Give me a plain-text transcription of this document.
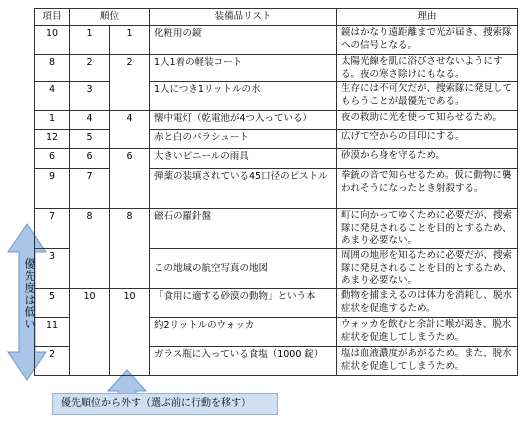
優先度は低い
項目	順位		装備品リスト	理由
10	1	1	化粧用の鏡	鏡はかなり遠距離まで光が届き、捜索隊への信号となる。
8	2	2	1人1着の軽装コート	太陽光線を肌に浴びさせないようにする。夜の寒さ除けにもなる。
4	3		1人につき1リットルの水	生存には不可欠だが、捜索隊に発見してもらうことが最優先である。
1	4	4	懐中電灯（乾電池が4つ入っている）	夜の救助に光を使って知らせるため。
12	5		赤と白のパラシュート	広げて空からの目印にする。
6	6	6	大きいビニールの雨具	砂漠から身を守るため。
9	7		弾薬の装填されている45口径のピストル	拳銃の音で知らせるため。仮に動物に襲われそうになったとき射殺する。
7	8	8	磁石の羅針盤	町に向かってゆくために必要だが、捜索隊に発見されることを目的とするため、あまり必要ない。
3			この地域の航空写真の地図	周囲の地形を知るために必要だが、捜索隊に発見されることを目的とするため、あまり必要ない。
5	10	10	「食用に適する砂漠の動物」という本	動物を捕まえるのは体力を消耗し、脱水症状を促進するため。
11			約2リットルのウォッカ	ウォッカを飲むと余計に喉が渇き、脱水症状を促進してしまうため。
2			ガラス瓶に入っている食塩（1000 錠）	塩は血液濃度があがるため。また、脱水症状を促進してしまうため。
優先順位から外す（選ぶ前に行動を移す）
